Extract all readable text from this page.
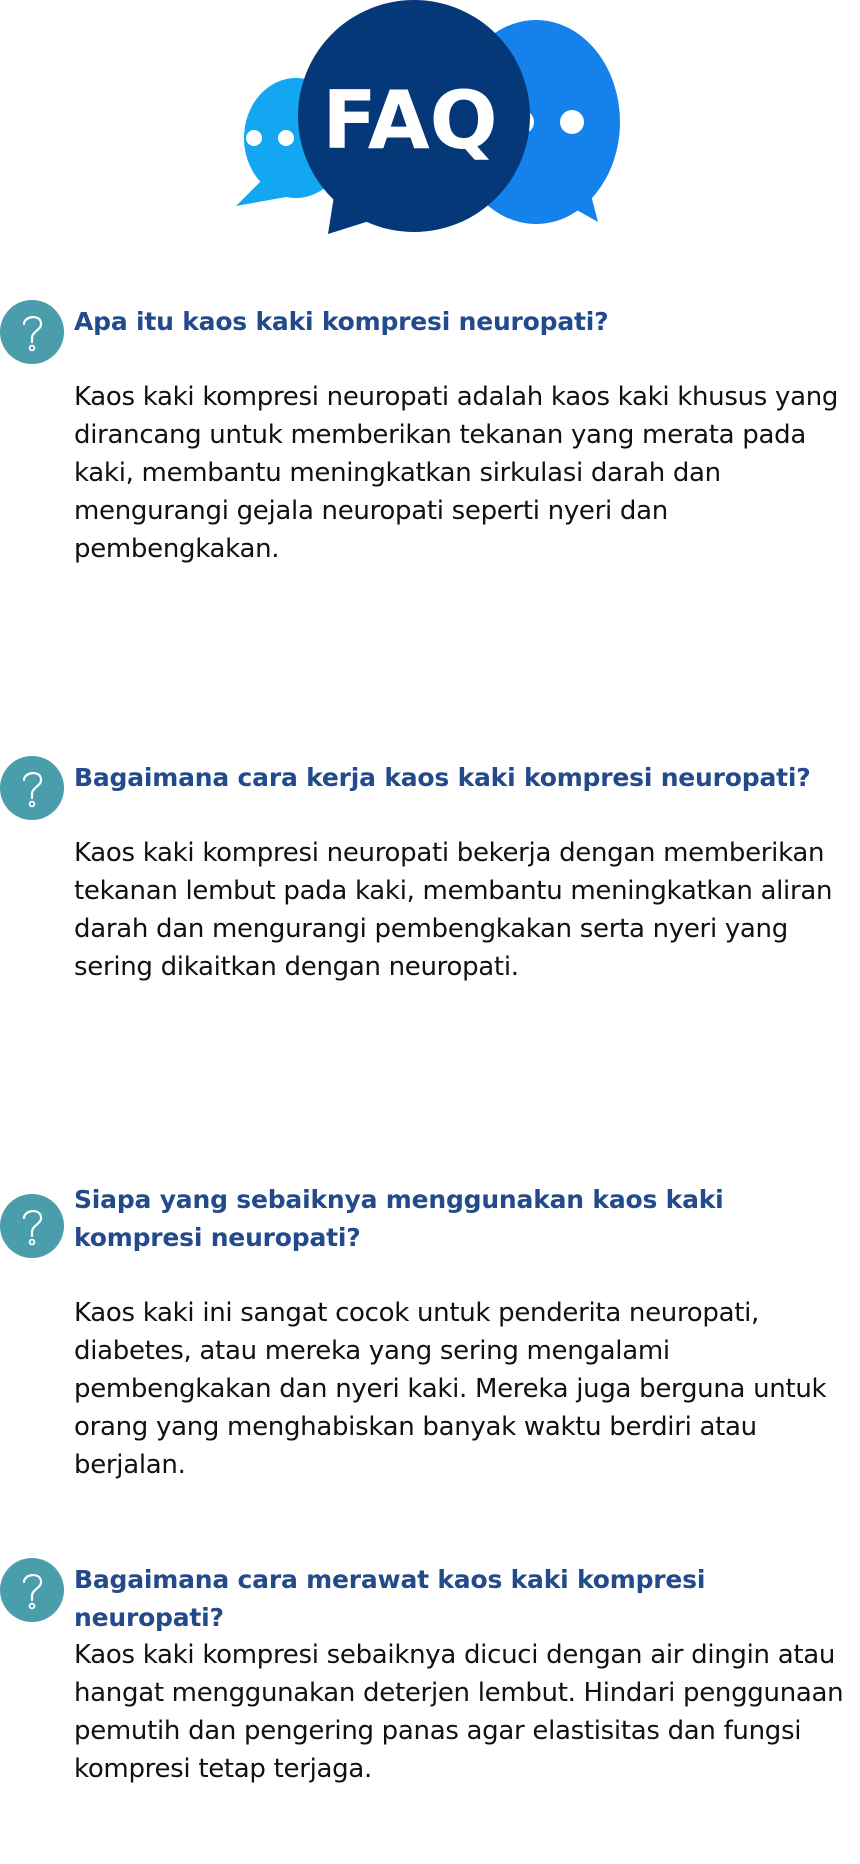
FAQ
Apa itu kaos kaki kompresi neuropati?

Kaos kaki kompresi neuropati adalah kaos kaki khusus yang dirancang untuk memberikan tekanan yang merata pada kaki, membantu meningkatkan sirkulasi darah dan mengurangi gejala neuropati seperti nyeri dan pembengkakan.

Bagaimana cara kerja kaos kaki kompresi neuropati?

Kaos kaki kompresi neuropati bekerja dengan memberikan tekanan lembut pada kaki, membantu meningkatkan aliran darah dan mengurangi pembengkakan serta nyeri yang sering dikaitkan dengan neuropati.

Siapa yang sebaiknya menggunakan kaos kaki kompresi neuropati?

Kaos kaki ini sangat cocok untuk penderita neuropati, diabetes, atau mereka yang sering mengalami pembengkakan dan nyeri kaki. Mereka juga berguna untuk orang yang menghabiskan banyak waktu berdiri atau berjalan.

Bagaimana cara merawat kaos kaki kompresi neuropati?

Kaos kaki kompresi sebaiknya dicuci dengan air dingin atau hangat menggunakan deterjen lembut. Hindari penggunaan pemutih dan pengering panas agar elastisitas dan fungsi kompresi tetap terjaga.
